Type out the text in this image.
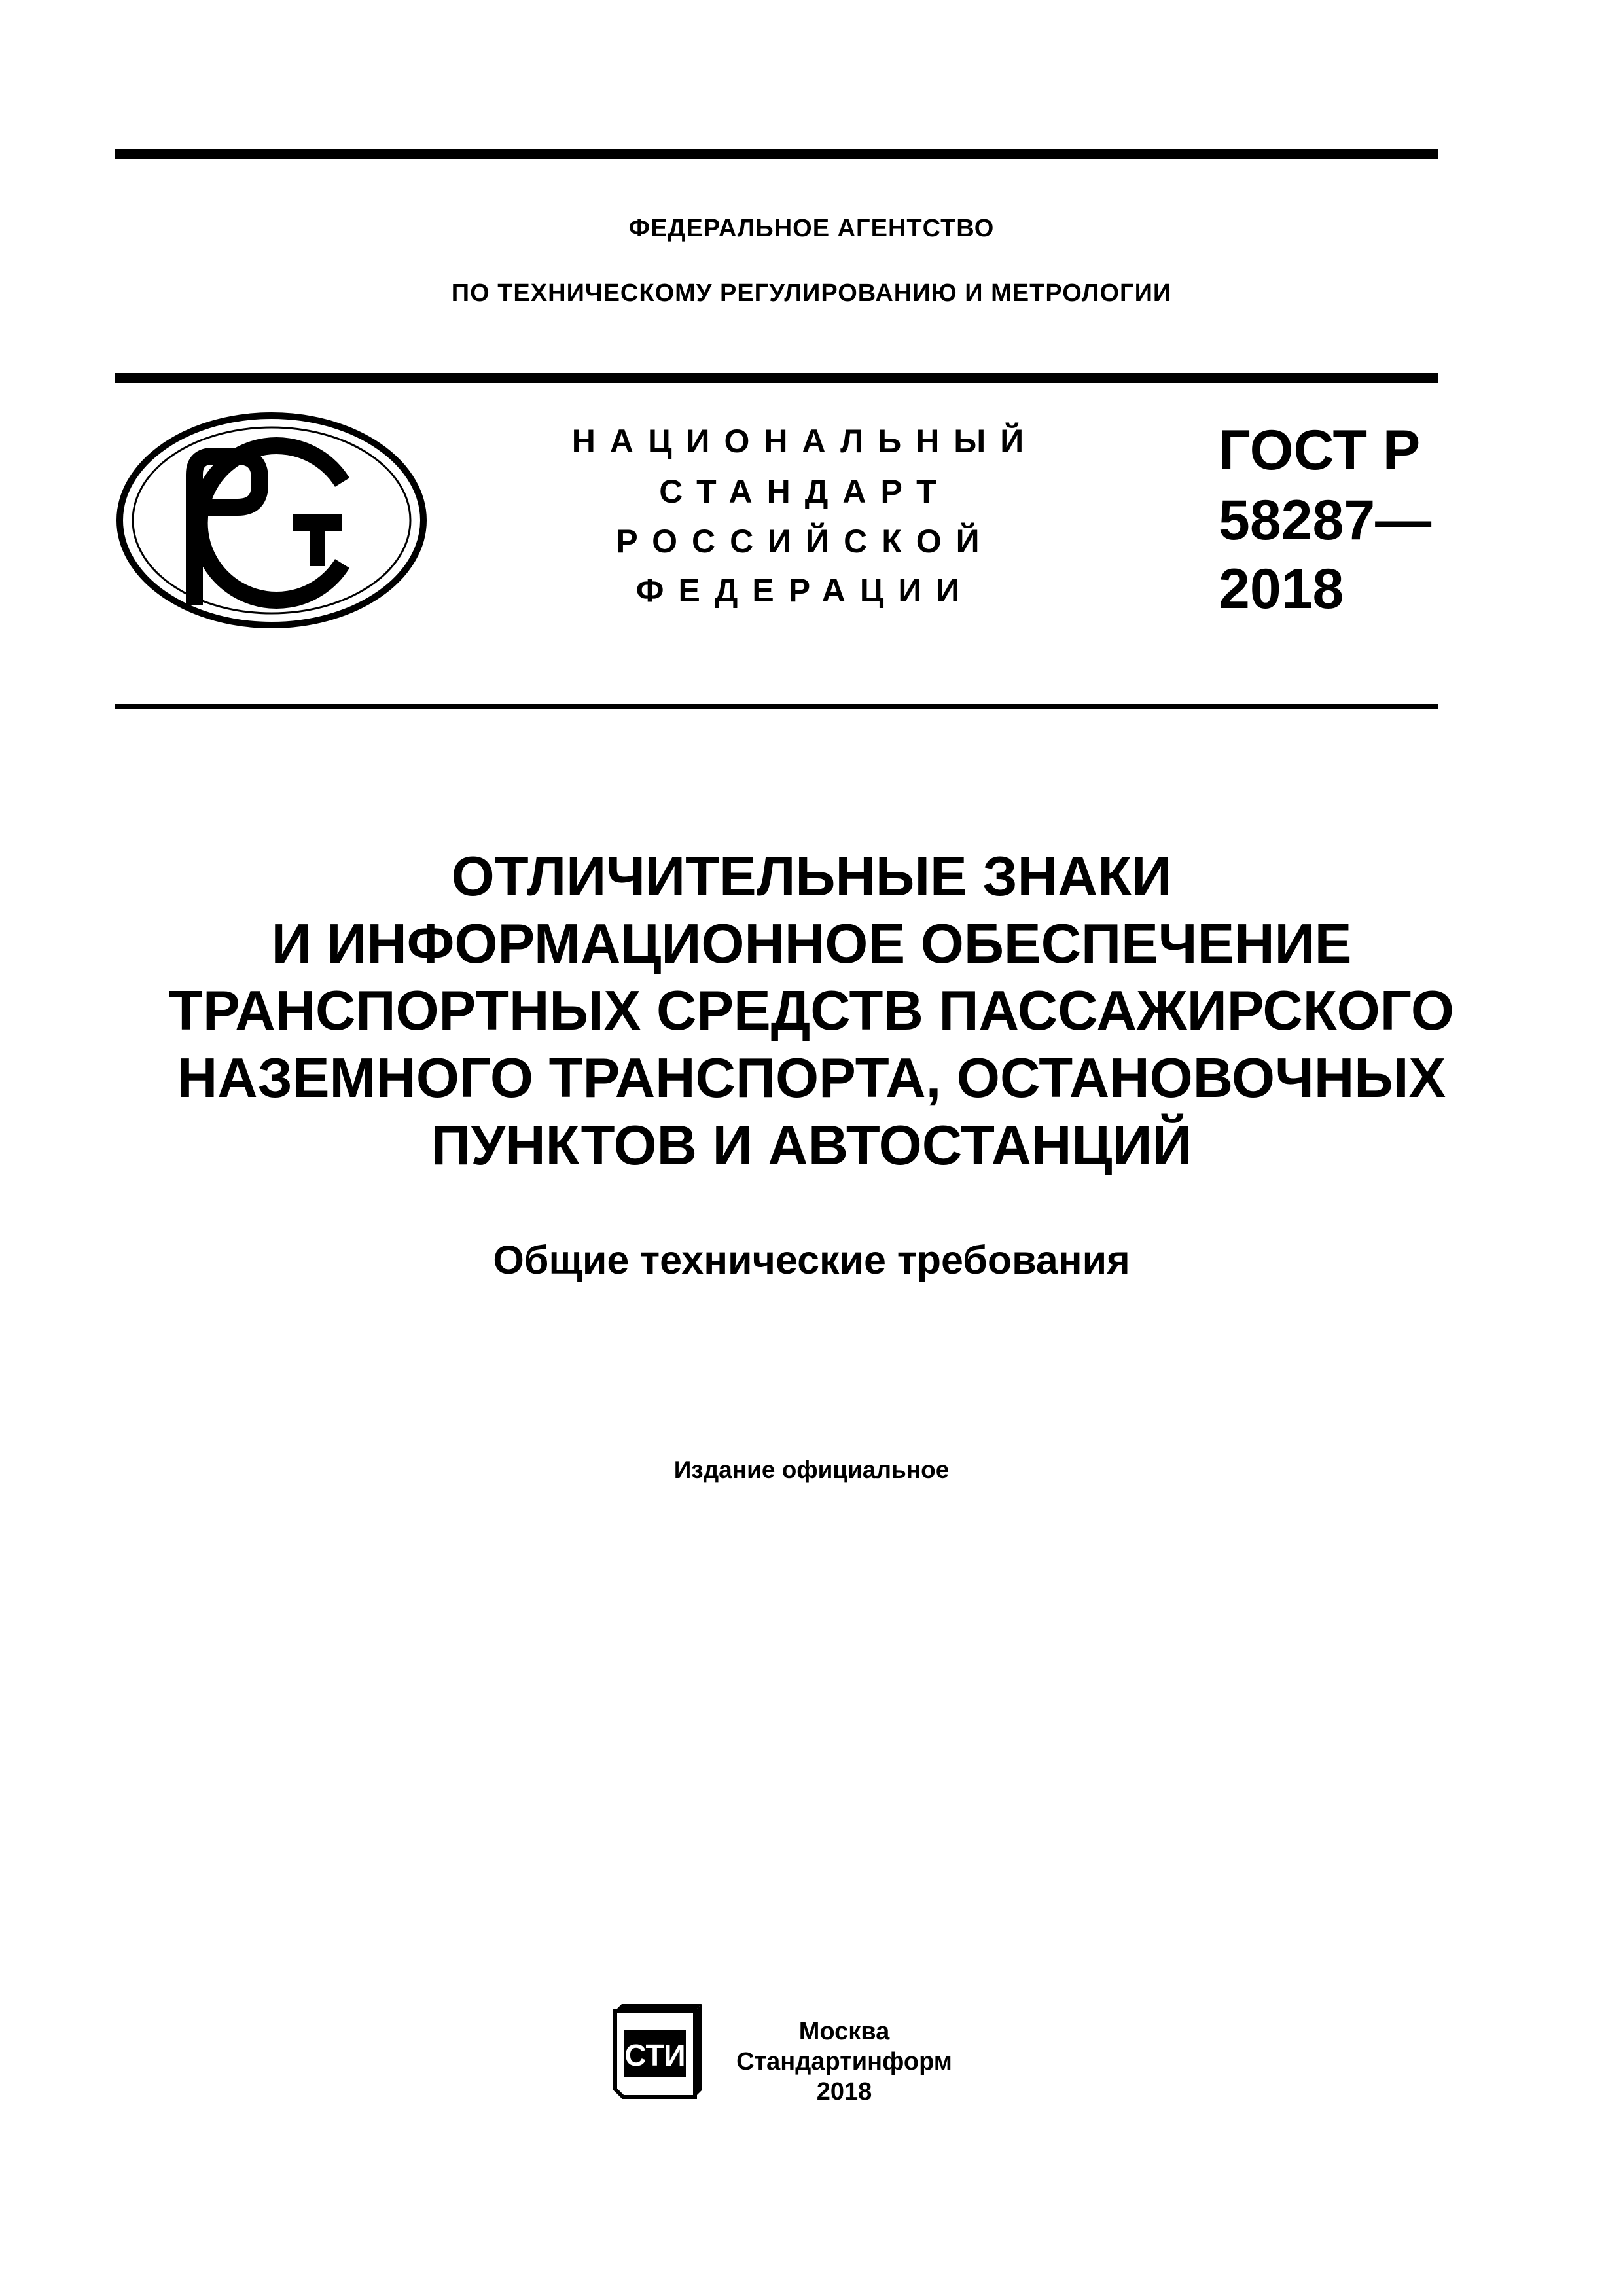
ФЕДЕРАЛЬНОЕ АГЕНТСТВО
ПО ТЕХНИЧЕСКОМУ РЕГУЛИРОВАНИЮ И МЕТРОЛОГИИ
НАЦИОНАЛЬНЫЙ
СТАНДАРТ
РОССИЙСКОЙ
ФЕДЕРАЦИИ
ГОСТ Р
58287—
2018
ОТЛИЧИТЕЛЬНЫЕ ЗНАКИ
И ИНФОРМАЦИОННОЕ ОБЕСПЕЧЕНИЕ
ТРАНСПОРТНЫХ СРЕДСТВ ПАССАЖИРСКОГО
НАЗЕМНОГО ТРАНСПОРТА, ОСТАНОВОЧНЫХ
ПУНКТОВ И АВТОСТАНЦИЙ
Общие технические требования
Издание официальное
СТИ
Москва
Стандартинформ
2018
